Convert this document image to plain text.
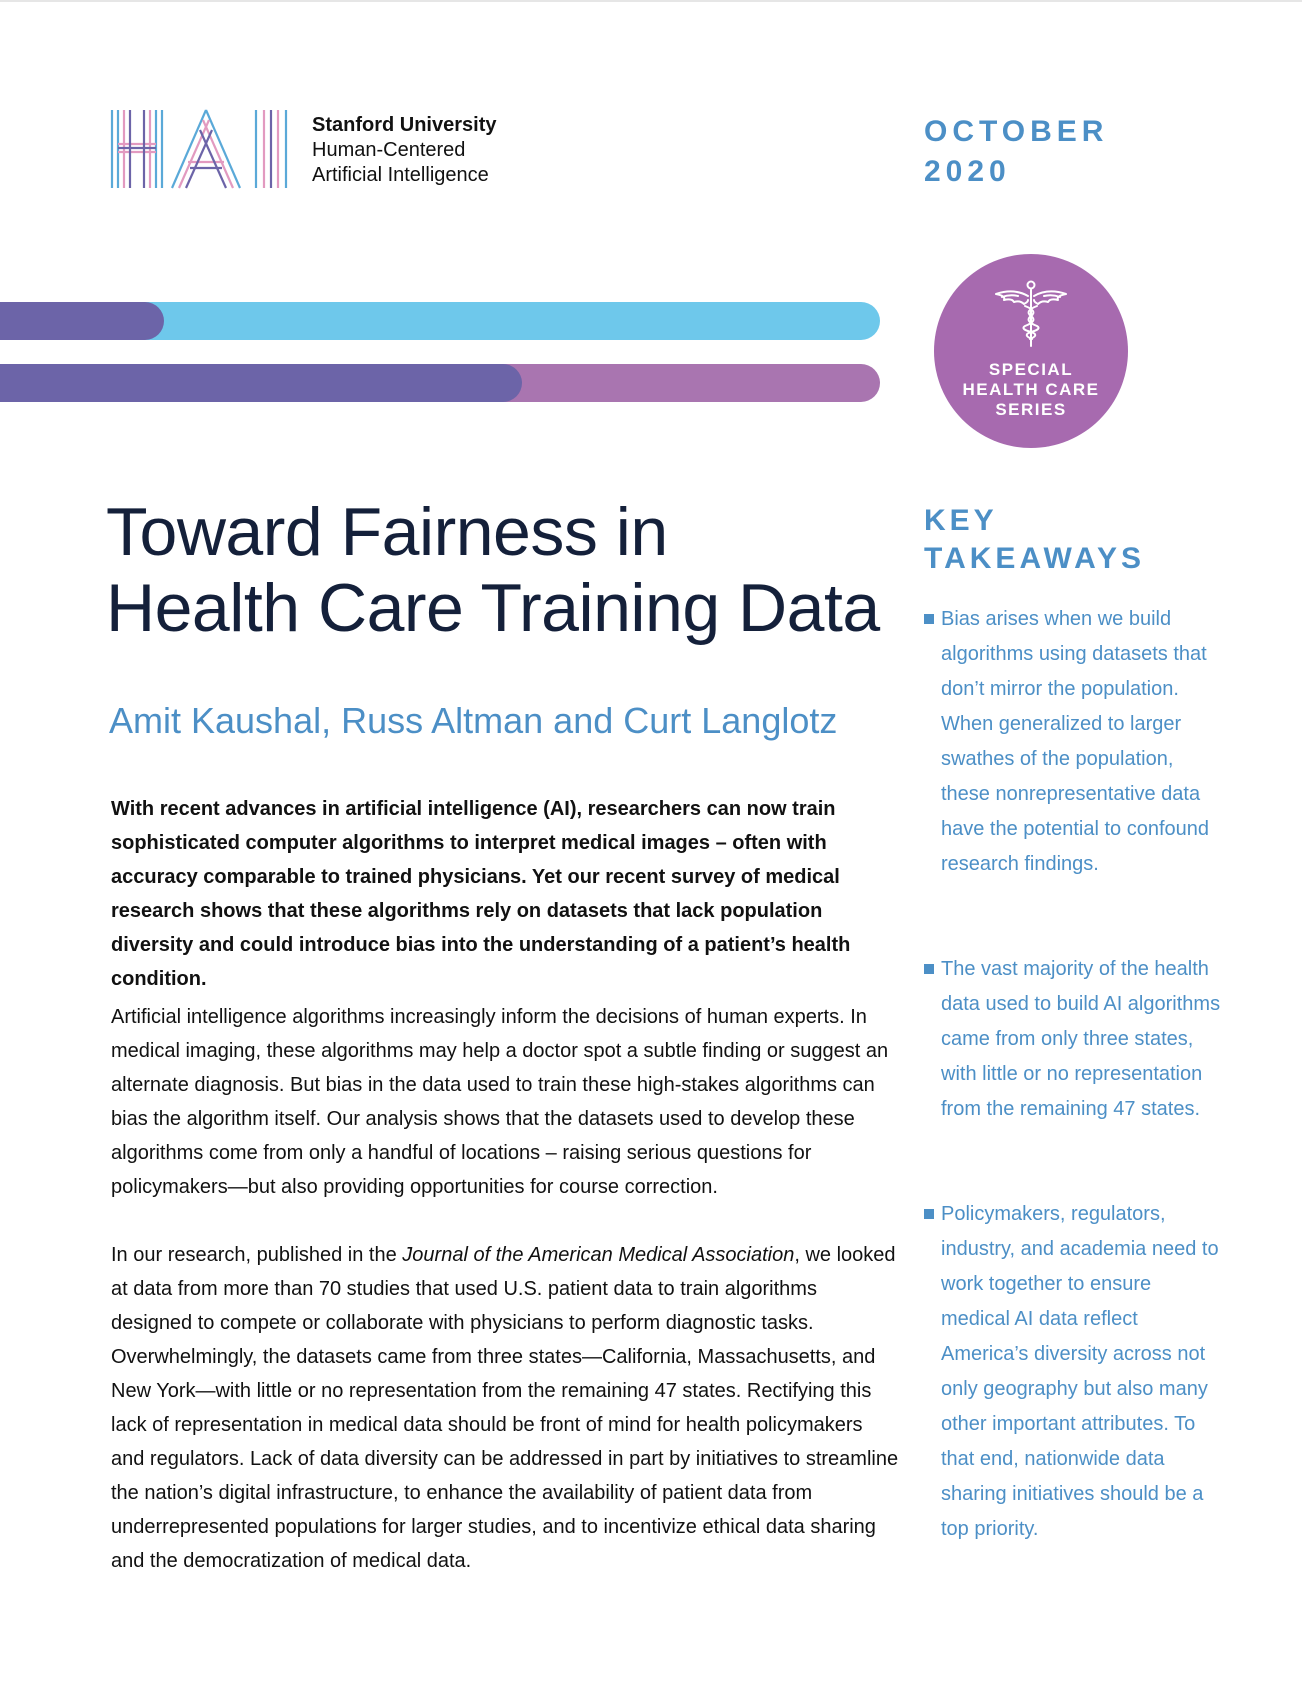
Stanford University
Human-Centered
Artificial Intelligence
OCTOBER
2020
SPECIAL
HEALTH CARE
SERIES
Toward Fairness in
Health Care Training Data
Amit Kaushal, Russ Altman and Curt Langlotz

With recent advances in artificial intelligence (AI), researchers can now train sophisticated computer algorithms to interpret medical images – often with accuracy comparable to trained physicians. Yet our recent survey of medical research shows that these algorithms rely on datasets that lack population diversity and could introduce bias into the understanding of a patient’s health condition.

Artificial intelligence algorithms increasingly inform the decisions of human experts. In medical imaging, these algorithms may help a doctor spot a subtle finding or suggest an alternate diagnosis. But bias in the data used to train these high-stakes algorithms can bias the algorithm itself. Our analysis shows that the datasets used to develop these algorithms come from only a handful of locations – raising serious questions for policymakers—but also providing opportunities for course correction.

In our research, published in the Journal of the American Medical Association, we looked at data from more than 70 studies that used U.S. patient data to train algorithms designed to compete or collaborate with physicians to perform diagnostic tasks. Overwhelmingly, the datasets came from three states—California, Massachusetts, and New York—with little or no representation from the remaining 47 states. Rectifying this lack of representation in medical data should be front of mind for health policymakers and regulators. Lack of data diversity can be addressed in part by initiatives to streamline the nation’s digital infrastructure, to enhance the availability of patient data from underrepresented populations for larger studies, and to incentivize ethical data sharing and the democratization of medical data.

KEY
TAKEAWAYS
Bias arises when we build algorithms using datasets that don’t mirror the population. When generalized to larger swathes of the population, these nonrepresentative data have the potential to confound research findings.
The vast majority of the health data used to build AI algorithms came from only three states, with little or no representation from the remaining 47 states.
Policymakers, regulators, industry, and academia need to work together to ensure medical AI data reflect America’s diversity across not only geography but also many other important attributes. To that end, nationwide data sharing initiatives should be a top priority.
